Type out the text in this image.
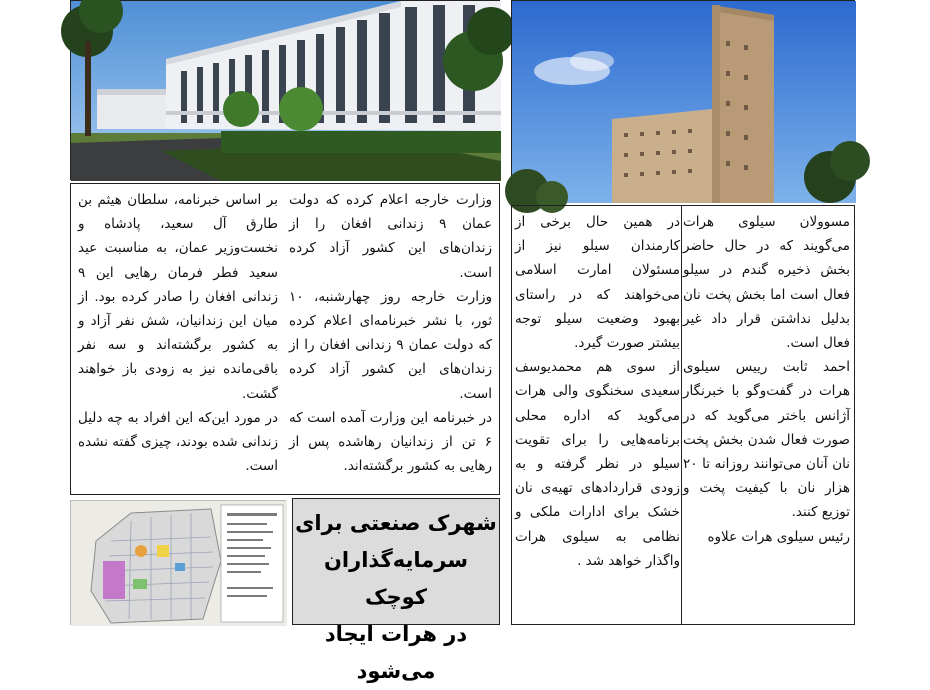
وزارت خارجه اعلام کرده که دولت عمان ۹ زندانی افغان را از زندان‌های این کشور آزاد کرده است.

وزارت خارجه روز چهارشنبه، ۱۰ ثور، با نشر خبرنامه‌ای اعلام کرده که دولت عمان ۹ زندانی افغان را از زندان‌های این کشور آزاد کرده است.

در خبرنامه این وزارت آمده است که ۶ تن از زندانیان رهاشده پس از رهایی به کشور برگشته‌اند.

بر اساس خبرنامه، سلطان هیثم بن طارق آل سعید، پادشاه و نخست‌وزیر عمان، به مناسبت عید سعید فطر فرمان رهایی این ۹ زندانی افغان را صادر کرده بود. از میان این زندانیان، شش نفر آزاد و به کشور برگشته‌اند و سه نفر باقی‌مانده نیز به زودی باز خواهند گشت.

در مورد این‌که این افراد به چه دلیل زندانی شده بودند، چیزی گفته نشده است.

مسوولان سیلوی هرات می‌گویند که در حال حاضر بخش ذخیره گندم در سیلو فعال است اما بخش پخت نان بدلیل نداشتن قرار داد غیر فعال است.

احمد ثابت رییس سیلوی هرات در گفت‌وگو با خبرنگار آژانس باختر می‌گوید که در صورت فعال شدن بخش پخت نان آنان می‌توانند روزانه تا ۲۰ هزار نان با کیفیت پخت و توزیع کنند.

رئیس سیلوی هرات علاوه

در همین حال برخی از کارمندان سیلو نیز از مسئولان امارت اسلامی می‌خواهند که در راستای بهبود وضعیت سیلو توجه بیشتر صورت گیرد.

از سوی هم محمدیوسف سعیدی سخنگوی والی هرات می‌گوید که اداره محلی برنامه‌هایی را برای تقویت سیلو در نظر گرفته و به زودی قراردادهای تهیه‌ی نان خشک برای ادارات ملکی و نظامی به سیلوی هرات واگذار خواهد شد .

شهرک صنعتی برای
سرمایه‌گذاران کوچک
در هرات ایجاد می‌شود
